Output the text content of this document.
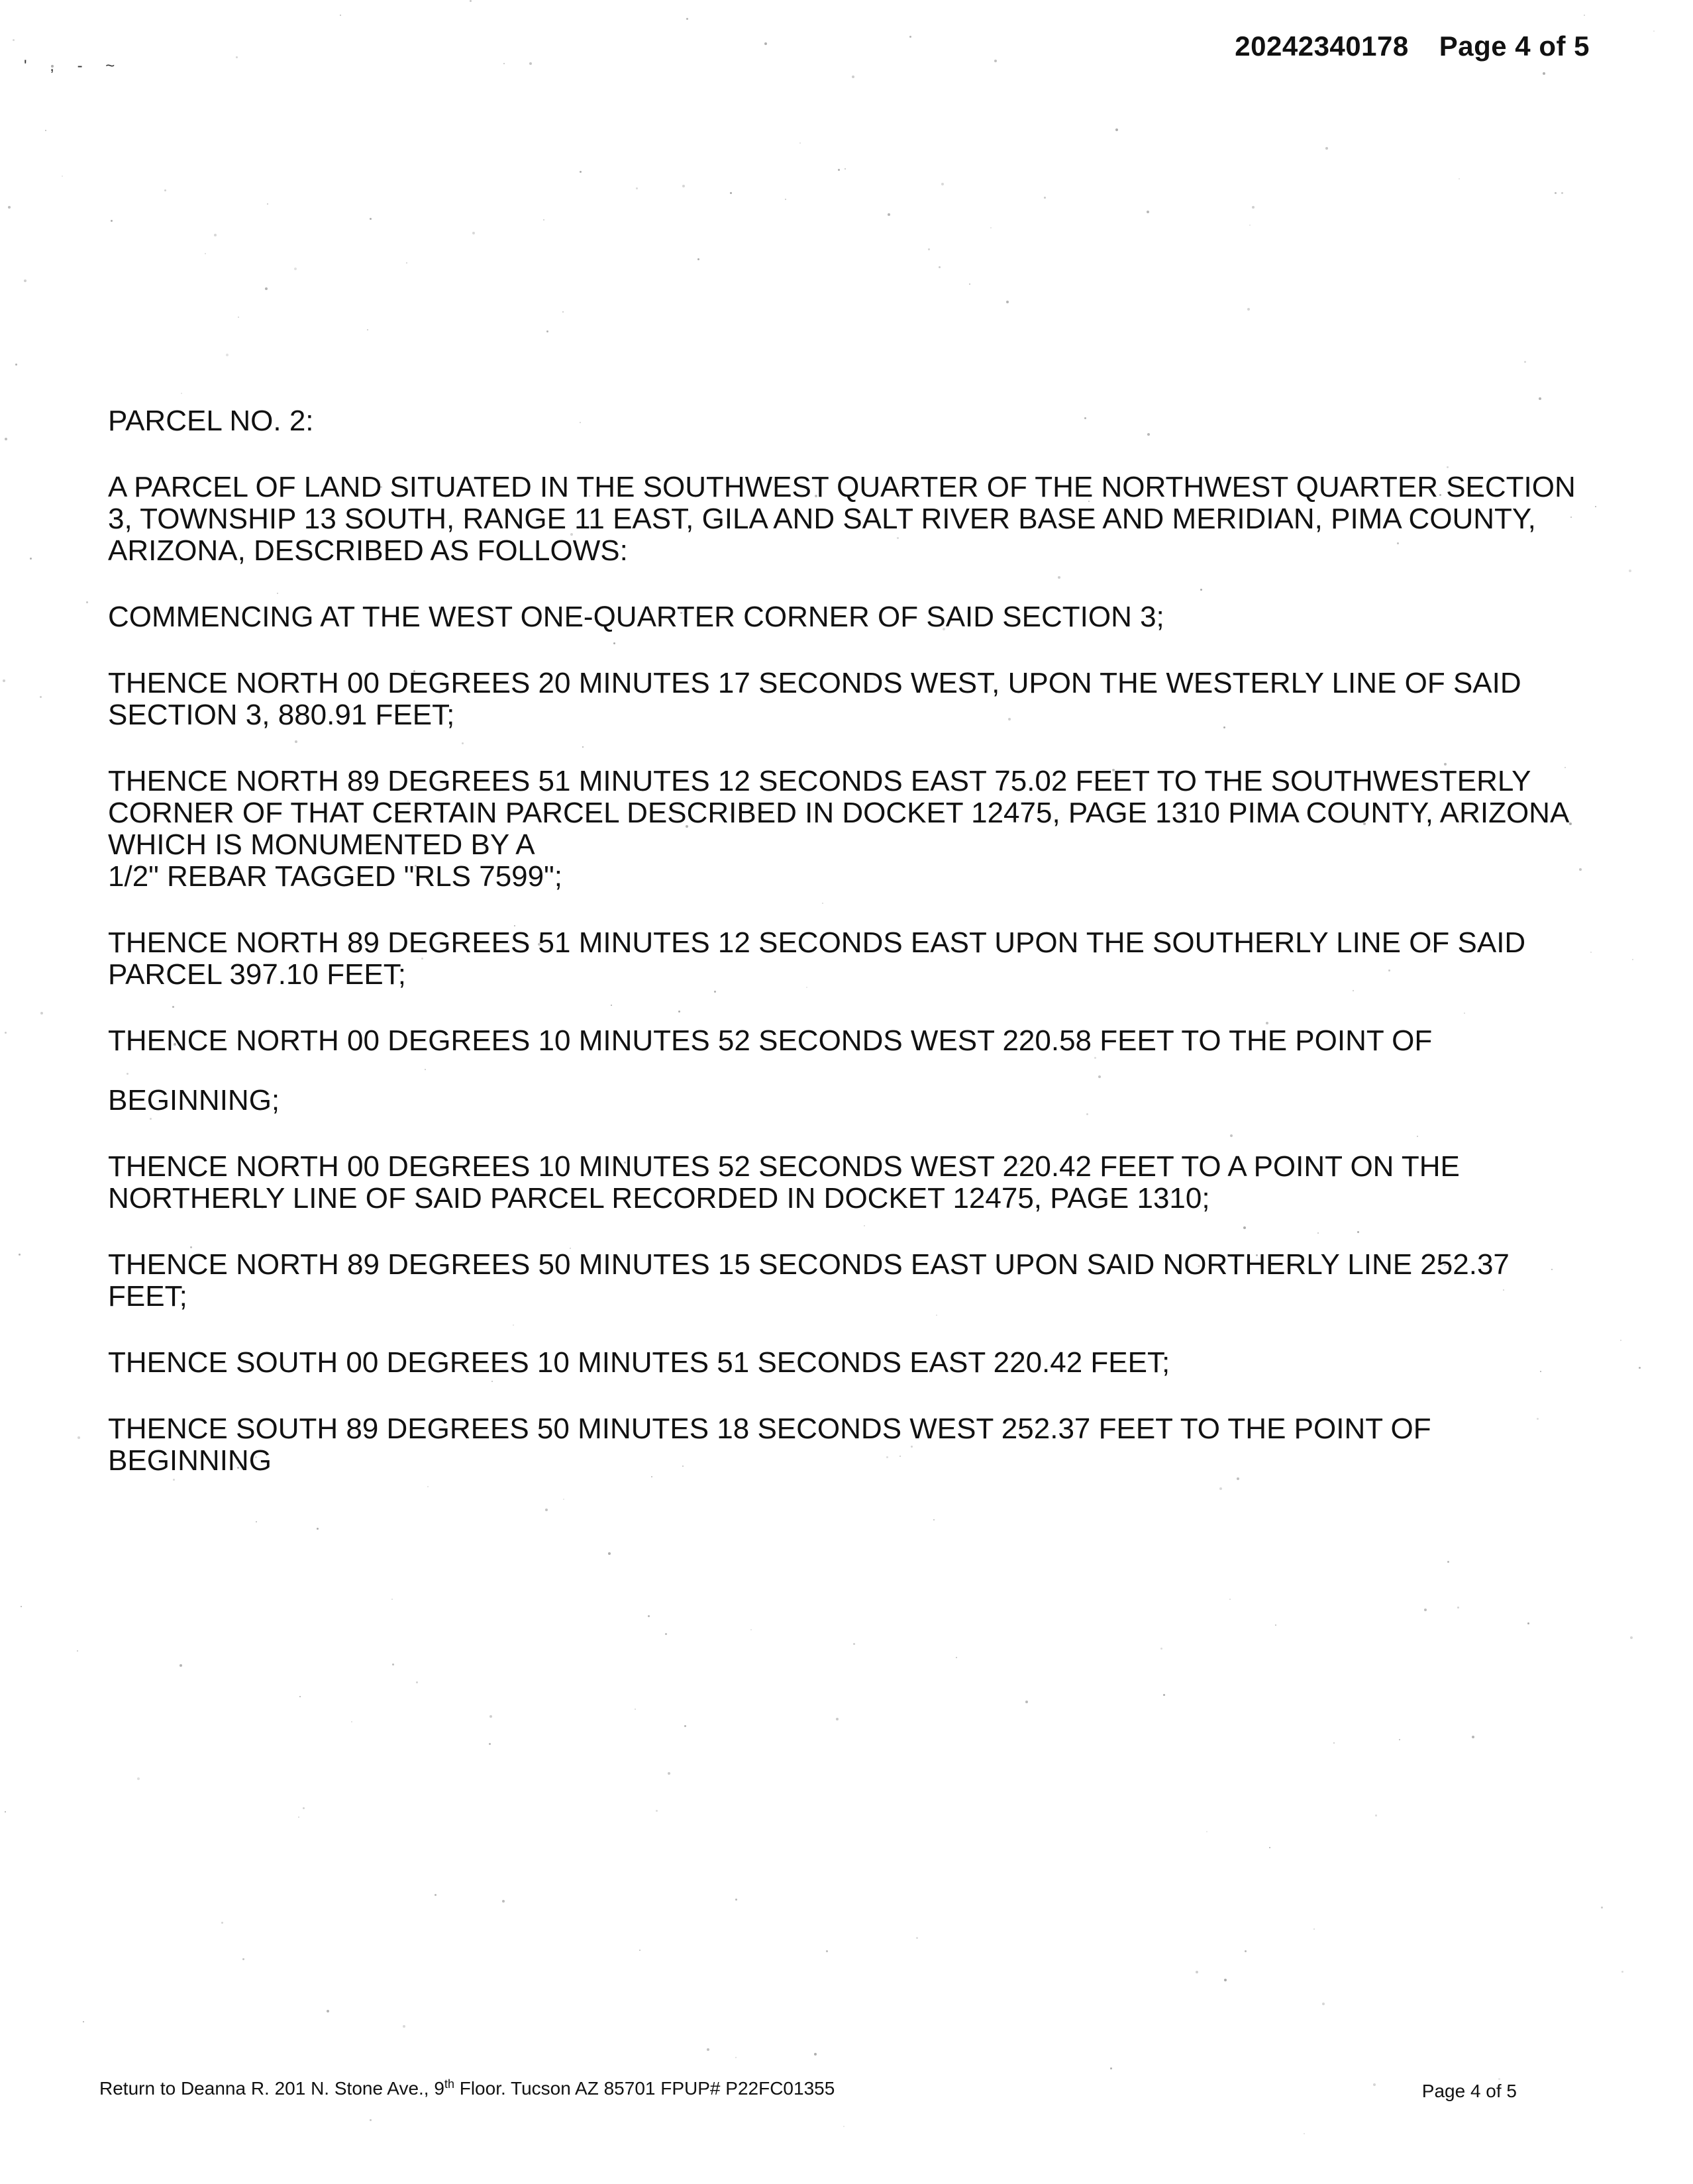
' , - ~
20242340178 Page 4 of 5
PARCEL NO. 2:
A PARCEL OF LAND SITUATED IN THE SOUTHWEST QUARTER OF THE NORTHWEST QUARTER SECTION 3, TOWNSHIP 13 SOUTH, RANGE 11 EAST, GILA AND SALT RIVER BASE AND MERIDIAN, PIMA COUNTY, ARIZONA, DESCRIBED AS FOLLOWS:
COMMENCING AT THE WEST ONE-QUARTER CORNER OF SAID SECTION 3;
THENCE NORTH 00 DEGREES 20 MINUTES 17 SECONDS WEST, UPON THE WESTERLY LINE OF SAID SECTION 3, 880.91 FEET;
THENCE NORTH 89 DEGREES 51 MINUTES 12 SECONDS EAST 75.02 FEET TO THE SOUTHWESTERLY CORNER OF THAT CERTAIN PARCEL DESCRIBED IN DOCKET 12475, PAGE 1310 PIMA COUNTY, ARIZONA WHICH IS MONUMENTED BY A
1/2" REBAR TAGGED "RLS 7599";
THENCE NORTH 89 DEGREES 51 MINUTES 12 SECONDS EAST UPON THE SOUTHERLY LINE OF SAID PARCEL 397.10 FEET;
THENCE NORTH 00 DEGREES 10 MINUTES 52 SECONDS WEST 220.58 FEET TO THE POINT OF
BEGINNING;
THENCE NORTH 00 DEGREES 10 MINUTES 52 SECONDS WEST 220.42 FEET TO A POINT ON THE NORTHERLY LINE OF SAID PARCEL RECORDED IN DOCKET 12475, PAGE 1310;
THENCE NORTH 89 DEGREES 50 MINUTES 15 SECONDS EAST UPON SAID NORTHERLY LINE 252.37 FEET;
THENCE SOUTH 00 DEGREES 10 MINUTES 51 SECONDS EAST 220.42 FEET;
THENCE SOUTH 89 DEGREES 50 MINUTES 18 SECONDS WEST 252.37 FEET TO THE POINT OF BEGINNING
Return to Deanna R. 201 N. Stone Ave., 9th Floor. Tucson AZ 85701 FPUP# P22FC01355	Page 4 of 5
